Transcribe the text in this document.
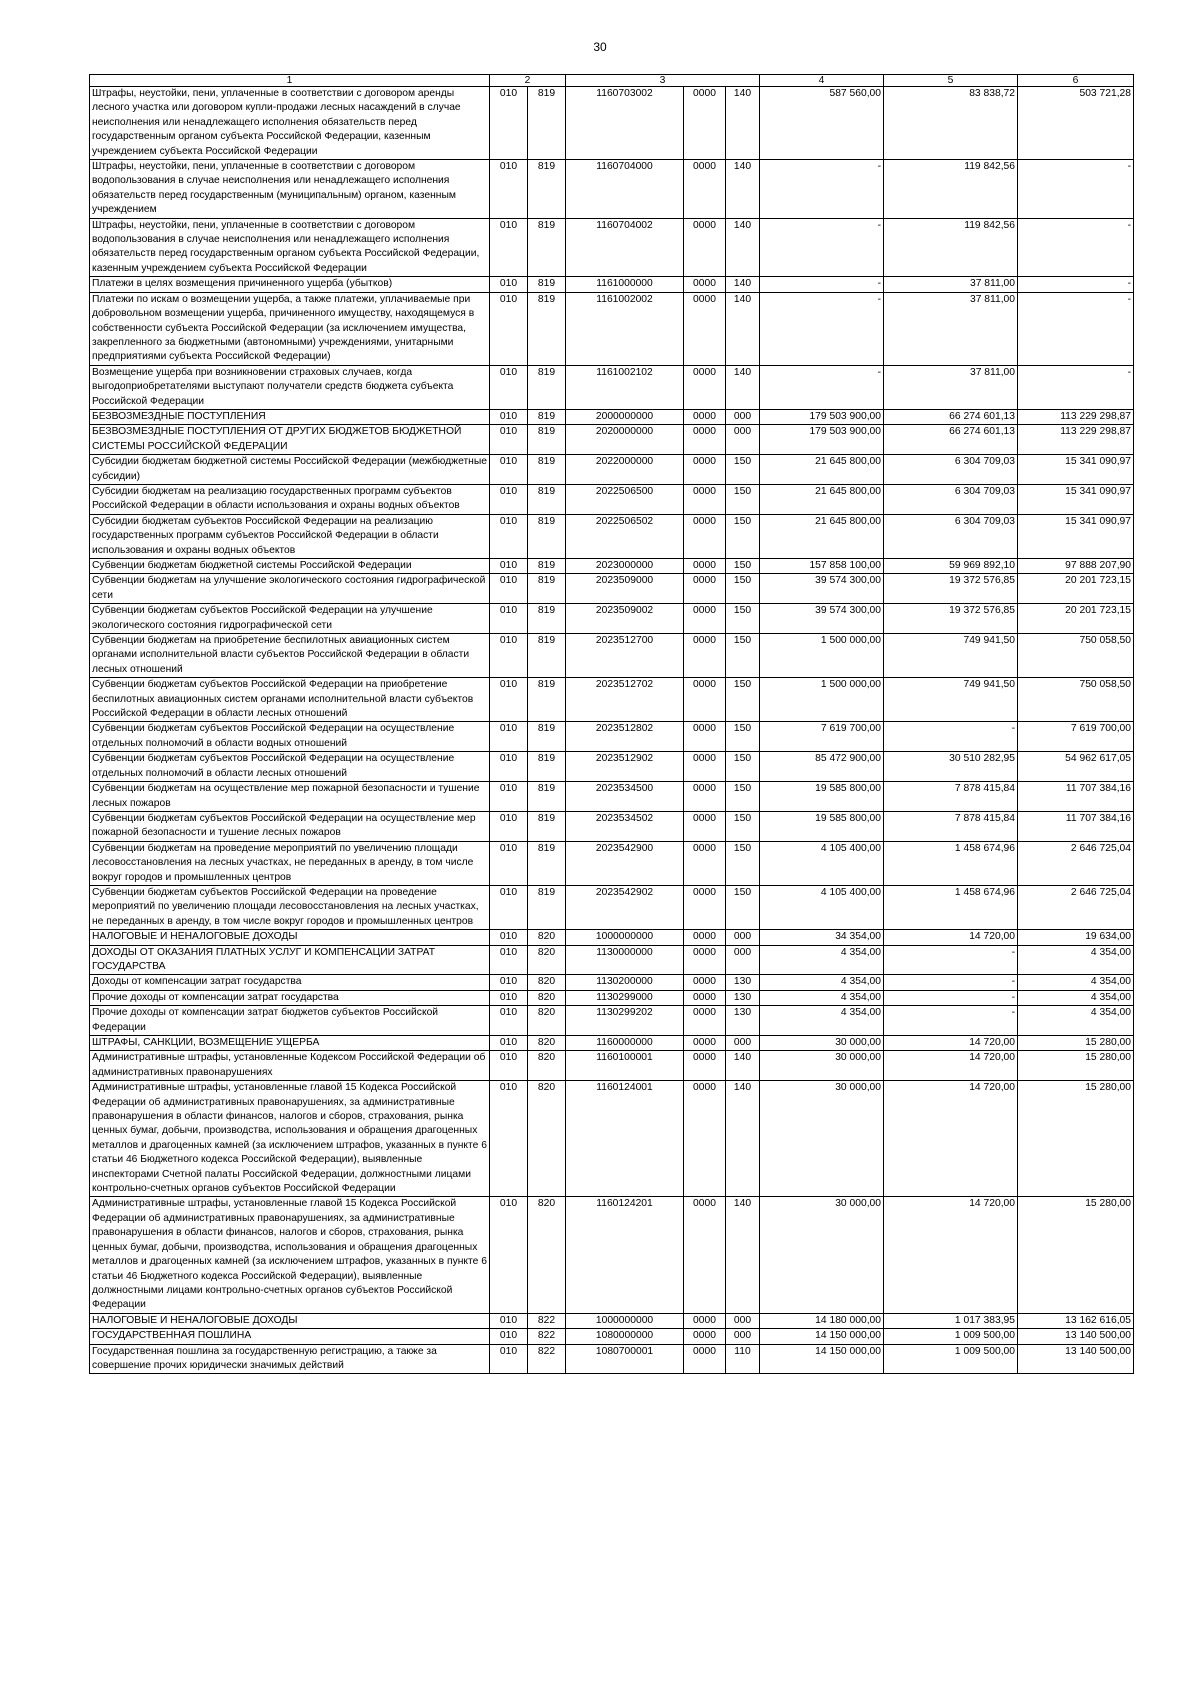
30
1	2		3			4	5	6
Штрафы, неустойки, пени, уплаченные в соответствии с договором аренды лесного участка или договором купли-продажи лесных насаждений в случае неисполнения или ненадлежащего исполнения обязательств перед государственным органом субъекта Российской Федерации, казенным учреждением субъекта Российской Федерации	010	819	1160703002	0000	140	587 560,00	83 838,72	503 721,28
Штрафы, неустойки, пени, уплаченные в соответствии с договором водопользования в случае неисполнения или ненадлежащего исполнения обязательств перед государственным (муниципальным) органом, казенным учреждением	010	819	1160704000	0000	140	-	119 842,56	-
Штрафы, неустойки, пени, уплаченные в соответствии с договором водопользования в случае неисполнения или ненадлежащего исполнения обязательств перед государственным органом субъекта Российской Федерации, казенным учреждением субъекта Российской Федерации	010	819	1160704002	0000	140	-	119 842,56	-
Платежи в целях возмещения причиненного ущерба (убытков)	010	819	1161000000	0000	140	-	37 811,00	-
Платежи по искам о возмещении ущерба, а также платежи, уплачиваемые при добровольном возмещении ущерба, причиненного имуществу, находящемуся в собственности субъекта Российской Федерации (за исключением имущества, закрепленного за бюджетными (автономными) учреждениями, унитарными предприятиями субъекта Российской Федерации)	010	819	1161002002	0000	140	-	37 811,00	-
Возмещение ущерба при возникновении страховых случаев, когда выгодоприобретателями выступают получатели средств бюджета субъекта Российской Федерации	010	819	1161002102	0000	140	-	37 811,00	-
БЕЗВОЗМЕЗДНЫЕ ПОСТУПЛЕНИЯ	010	819	2000000000	0000	000	179 503 900,00	66 274 601,13	113 229 298,87
БЕЗВОЗМЕЗДНЫЕ ПОСТУПЛЕНИЯ ОТ ДРУГИХ БЮДЖЕТОВ БЮДЖЕТНОЙ СИСТЕМЫ РОССИЙСКОЙ ФЕДЕРАЦИИ	010	819	2020000000	0000	000	179 503 900,00	66 274 601,13	113 229 298,87
Субсидии бюджетам бюджетной системы Российской Федерации (межбюджетные субсидии)	010	819	2022000000	0000	150	21 645 800,00	6 304 709,03	15 341 090,97
Субсидии бюджетам на реализацию государственных программ субъектов Российской Федерации в области использования и охраны водных объектов	010	819	2022506500	0000	150	21 645 800,00	6 304 709,03	15 341 090,97
Субсидии бюджетам субъектов Российской Федерации на реализацию государственных программ субъектов Российской Федерации в области использования и охраны водных объектов	010	819	2022506502	0000	150	21 645 800,00	6 304 709,03	15 341 090,97
Субвенции бюджетам бюджетной системы Российской Федерации	010	819	2023000000	0000	150	157 858 100,00	59 969 892,10	97 888 207,90
Субвенции бюджетам на улучшение экологического состояния гидрографической сети	010	819	2023509000	0000	150	39 574 300,00	19 372 576,85	20 201 723,15
Субвенции бюджетам субъектов Российской Федерации на улучшение экологического состояния гидрографической сети	010	819	2023509002	0000	150	39 574 300,00	19 372 576,85	20 201 723,15
Субвенции бюджетам на приобретение беспилотных авиационных систем органами исполнительной власти субъектов Российской Федерации в области лесных отношений	010	819	2023512700	0000	150	1 500 000,00	749 941,50	750 058,50
Субвенции бюджетам субъектов Российской Федерации на приобретение беспилотных авиационных систем органами исполнительной власти субъектов Российской Федерации в области лесных отношений	010	819	2023512702	0000	150	1 500 000,00	749 941,50	750 058,50
Субвенции бюджетам субъектов Российской Федерации на осуществление отдельных полномочий в области водных отношений	010	819	2023512802	0000	150	7 619 700,00	-	7 619 700,00
Субвенции бюджетам субъектов Российской Федерации на осуществление отдельных полномочий в области лесных отношений	010	819	2023512902	0000	150	85 472 900,00	30 510 282,95	54 962 617,05
Субвенции бюджетам на осуществление мер пожарной безопасности и тушение лесных пожаров	010	819	2023534500	0000	150	19 585 800,00	7 878 415,84	11 707 384,16
Субвенции бюджетам субъектов Российской Федерации на осуществление мер пожарной безопасности и тушение лесных пожаров	010	819	2023534502	0000	150	19 585 800,00	7 878 415,84	11 707 384,16
Субвенции бюджетам на проведение мероприятий по увеличению площади лесовосстановления на лесных участках, не переданных в аренду, в том числе вокруг городов и промышленных центров	010	819	2023542900	0000	150	4 105 400,00	1 458 674,96	2 646 725,04
Субвенции бюджетам субъектов Российской Федерации на проведение мероприятий по увеличению площади лесовосстановления на лесных участках, не переданных в аренду, в том числе вокруг городов и промышленных центров	010	819	2023542902	0000	150	4 105 400,00	1 458 674,96	2 646 725,04
НАЛОГОВЫЕ И НЕНАЛОГОВЫЕ ДОХОДЫ	010	820	1000000000	0000	000	34 354,00	14 720,00	19 634,00
ДОХОДЫ ОТ ОКАЗАНИЯ ПЛАТНЫХ УСЛУГ И КОМПЕНСАЦИИ ЗАТРАТ ГОСУДАРСТВА	010	820	1130000000	0000	000	4 354,00	-	4 354,00
Доходы от компенсации затрат государства	010	820	1130200000	0000	130	4 354,00	-	4 354,00
Прочие доходы от компенсации затрат государства	010	820	1130299000	0000	130	4 354,00	-	4 354,00
Прочие доходы от компенсации затрат бюджетов субъектов Российской Федерации	010	820	1130299202	0000	130	4 354,00	-	4 354,00
ШТРАФЫ, САНКЦИИ, ВОЗМЕЩЕНИЕ УЩЕРБА	010	820	1160000000	0000	000	30 000,00	14 720,00	15 280,00
Административные штрафы, установленные Кодексом Российской Федерации об административных правонарушениях	010	820	1160100001	0000	140	30 000,00	14 720,00	15 280,00
Административные штрафы, установленные главой 15 Кодекса Российской Федерации об административных правонарушениях, за административные правонарушения в области финансов, налогов и сборов, страхования, рынка ценных бумаг, добычи, производства, использования и обращения драгоценных металлов и драгоценных камней (за исключением штрафов, указанных в пункте 6 статьи 46 Бюджетного кодекса Российской Федерации), выявленные инспекторами Счетной палаты Российской Федерации, должностными лицами контрольно-счетных органов субъектов Российской Федерации	010	820	1160124001	0000	140	30 000,00	14 720,00	15 280,00
Административные штрафы, установленные главой 15 Кодекса Российской Федерации об административных правонарушениях, за административные правонарушения в области финансов, налогов и сборов, страхования, рынка ценных бумаг, добычи, производства, использования и обращения драгоценных металлов и драгоценных камней (за исключением штрафов, указанных в пункте 6 статьи 46 Бюджетного кодекса Российской Федерации), выявленные должностными лицами контрольно-счетных органов субъектов Российской Федерации	010	820	1160124201	0000	140	30 000,00	14 720,00	15 280,00
НАЛОГОВЫЕ И НЕНАЛОГОВЫЕ ДОХОДЫ	010	822	1000000000	0000	000	14 180 000,00	1 017 383,95	13 162 616,05
ГОСУДАРСТВЕННАЯ ПОШЛИНА	010	822	1080000000	0000	000	14 150 000,00	1 009 500,00	13 140 500,00
Государственная пошлина за государственную регистрацию, а также за совершение прочих юридически значимых действий	010	822	1080700001	0000	110	14 150 000,00	1 009 500,00	13 140 500,00
